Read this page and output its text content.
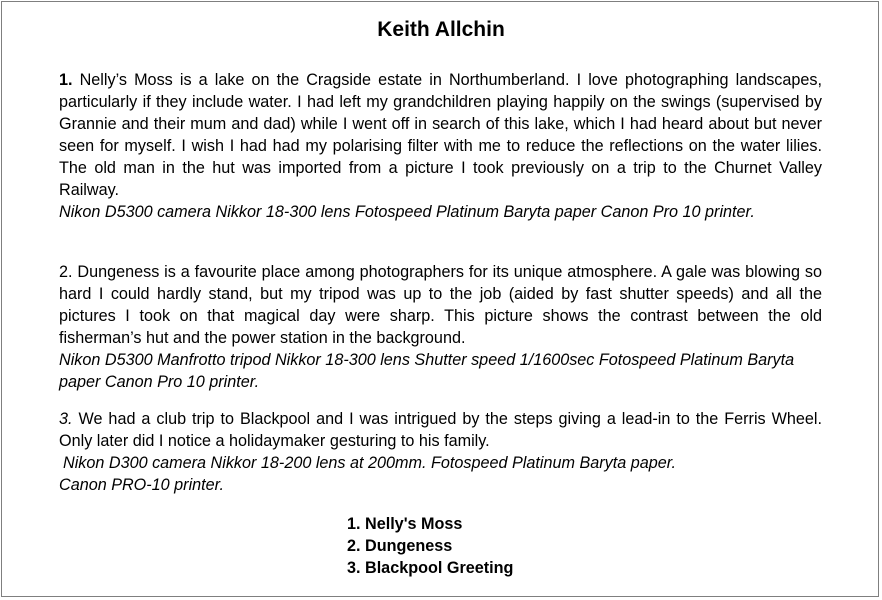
Keith Allchin
1. Nelly’s Moss is a lake on the Cragside estate in Northumberland. I love photographing landscapes, particularly if they include water. I had left my grandchildren playing happily on the swings (supervised by Grannie and their mum and dad) while I went off in search of this lake, which I had heard about but never seen for myself. I wish I had had my polarising filter with me to reduce the reflections on the water lilies. The old man in the hut was imported from a picture I took previously on a trip to the Churnet Valley Railway.
Nikon D5300 camera Nikkor 18-300 lens Fotospeed Platinum Baryta paper Canon Pro 10 printer.
2. Dungeness is a favourite place among photographers for its unique atmosphere. A gale was blowing so hard I could hardly stand, but my tripod was up to the job (aided by fast shutter speeds) and all the pictures I took on that magical day were sharp. This picture shows the contrast between the old fisherman’s hut and the power station in the background.
Nikon D5300 Manfrotto tripod Nikkor 18-300 lens Shutter speed 1/1600sec Fotospeed Platinum Baryta paper Canon Pro 10 printer.
3. We had a club trip to Blackpool and I was intrigued by the steps giving a lead-in to the Ferris Wheel. Only later did I notice a holidaymaker gesturing to his family.
Nikon D300 camera Nikkor 18-200 lens at 200mm. Fotospeed Platinum Baryta paper.
Canon PRO-10 printer.
1. Nelly's Moss
2. Dungeness
3. Blackpool Greeting
